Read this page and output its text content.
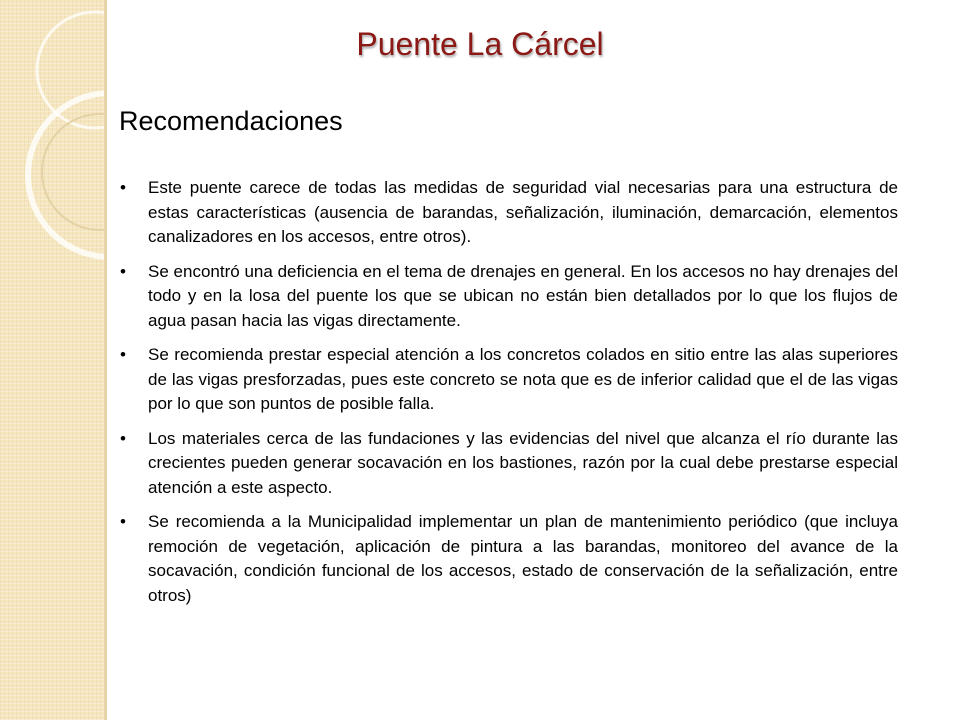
Puente La Cárcel
Recomendaciones
• Este puente carece de todas las medidas de seguridad vial necesarias para una estructura de estas características (ausencia de barandas, señalización, iluminación, demarcación, elementos canalizadores en los accesos, entre otros).
• Se encontró una deficiencia en el tema de drenajes en general. En los accesos no hay drenajes del todo y en la losa del puente los que se ubican no están bien detallados por lo que los flujos de agua pasan hacia las vigas directamente.
• Se recomienda prestar especial atención a los concretos colados en sitio entre las alas superiores de las vigas presforzadas, pues este concreto se nota que es de inferior calidad que el de las vigas por lo que son puntos de posible falla.
• Los materiales cerca de las fundaciones y las evidencias del nivel que alcanza el río durante las crecientes pueden generar socavación en los bastiones, razón por la cual debe prestarse especial atención a este aspecto.
• Se recomienda a la Municipalidad implementar un plan de mantenimiento periódico (que incluya remoción de vegetación, aplicación de pintura a las barandas, monitoreo del avance de la socavación, condición funcional de los accesos, estado de conservación de la señalización, entre otros)
